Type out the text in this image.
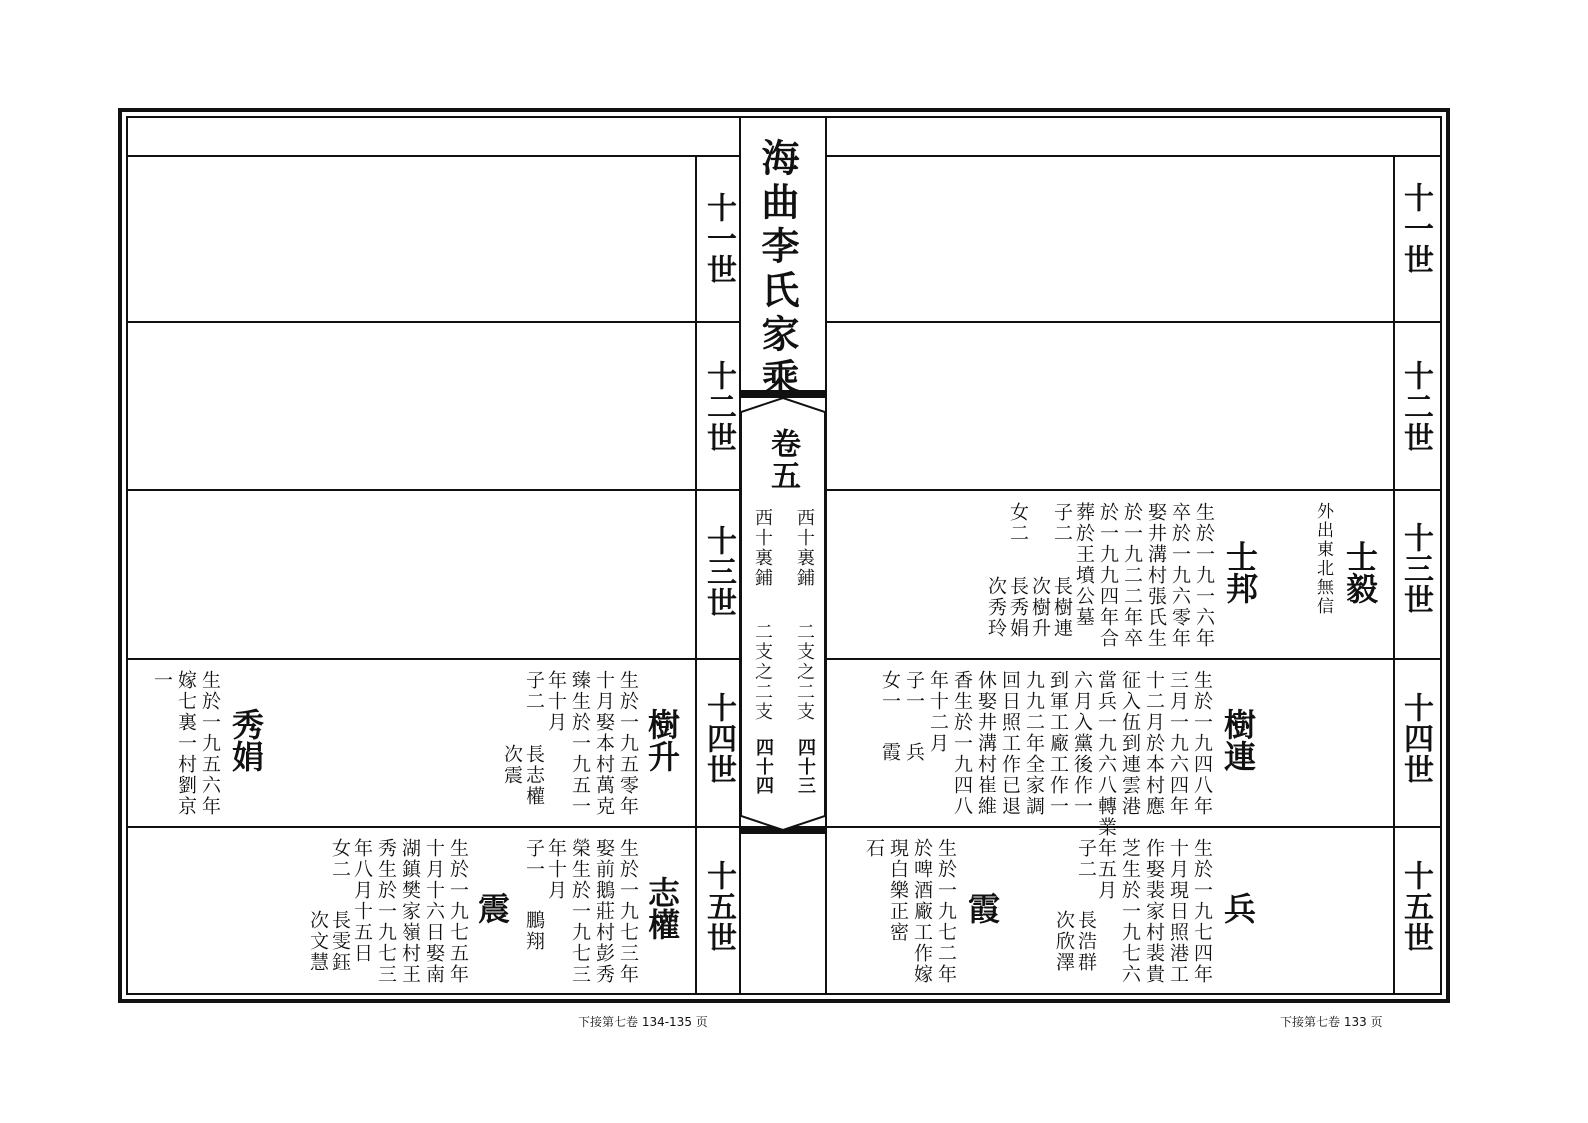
海曲李氏家乘
卷五
西十裏鋪
西十裏鋪
二支之二支
二支之二支
四十三
四十四
十一世
十二世
十三世
十四世
十五世
十一世
十二世
十三世
十四世
十五世
士毅
外出東北無信
士邦
生於一九一六年
卒於一九六零年
娶井溝村張氏生
於一九二二年卒
於一九九四年合
葬於王墳公墓
子二
長樹連
次樹升
女二
長秀娟
次秀玲
樹連
生於一九四八年
三月一九六四年
十二月於本村應
征入伍到連雲港
當兵一九六八轉業
六月入黨後作一
到軍工廠工作一
九九二年全家調
回日照工作已退
休娶井溝村崔維
香生於一九四八
年十二月
子一
兵
女一
霞
兵
生於一九七四年
十月現日照港工
作娶裴家村裴貴
芝生於一九七六
年五月
子二
長浩群
次欣澤
霞
生於一九七二年
於啤酒廠工作嫁
現白樂正密
石
樹升
生於一九五零年
十月娶本村萬克
臻生於一九五一
年十月
子二
長志權
次震
秀娟
生於一九五六年
嫁七裏一村劉京
一
志權
生於一九七三年
娶前鵝莊村彭秀
榮生於一九七三
年十月
子一
鵬翔
震
生於一九七五年
十月十六日娶南
湖鎮樊家嶺村王
秀生於一九七三
年八月十五日
女二
長雯鈺
次文慧
下接第七卷 134-135 页	下接第七卷 133 页
